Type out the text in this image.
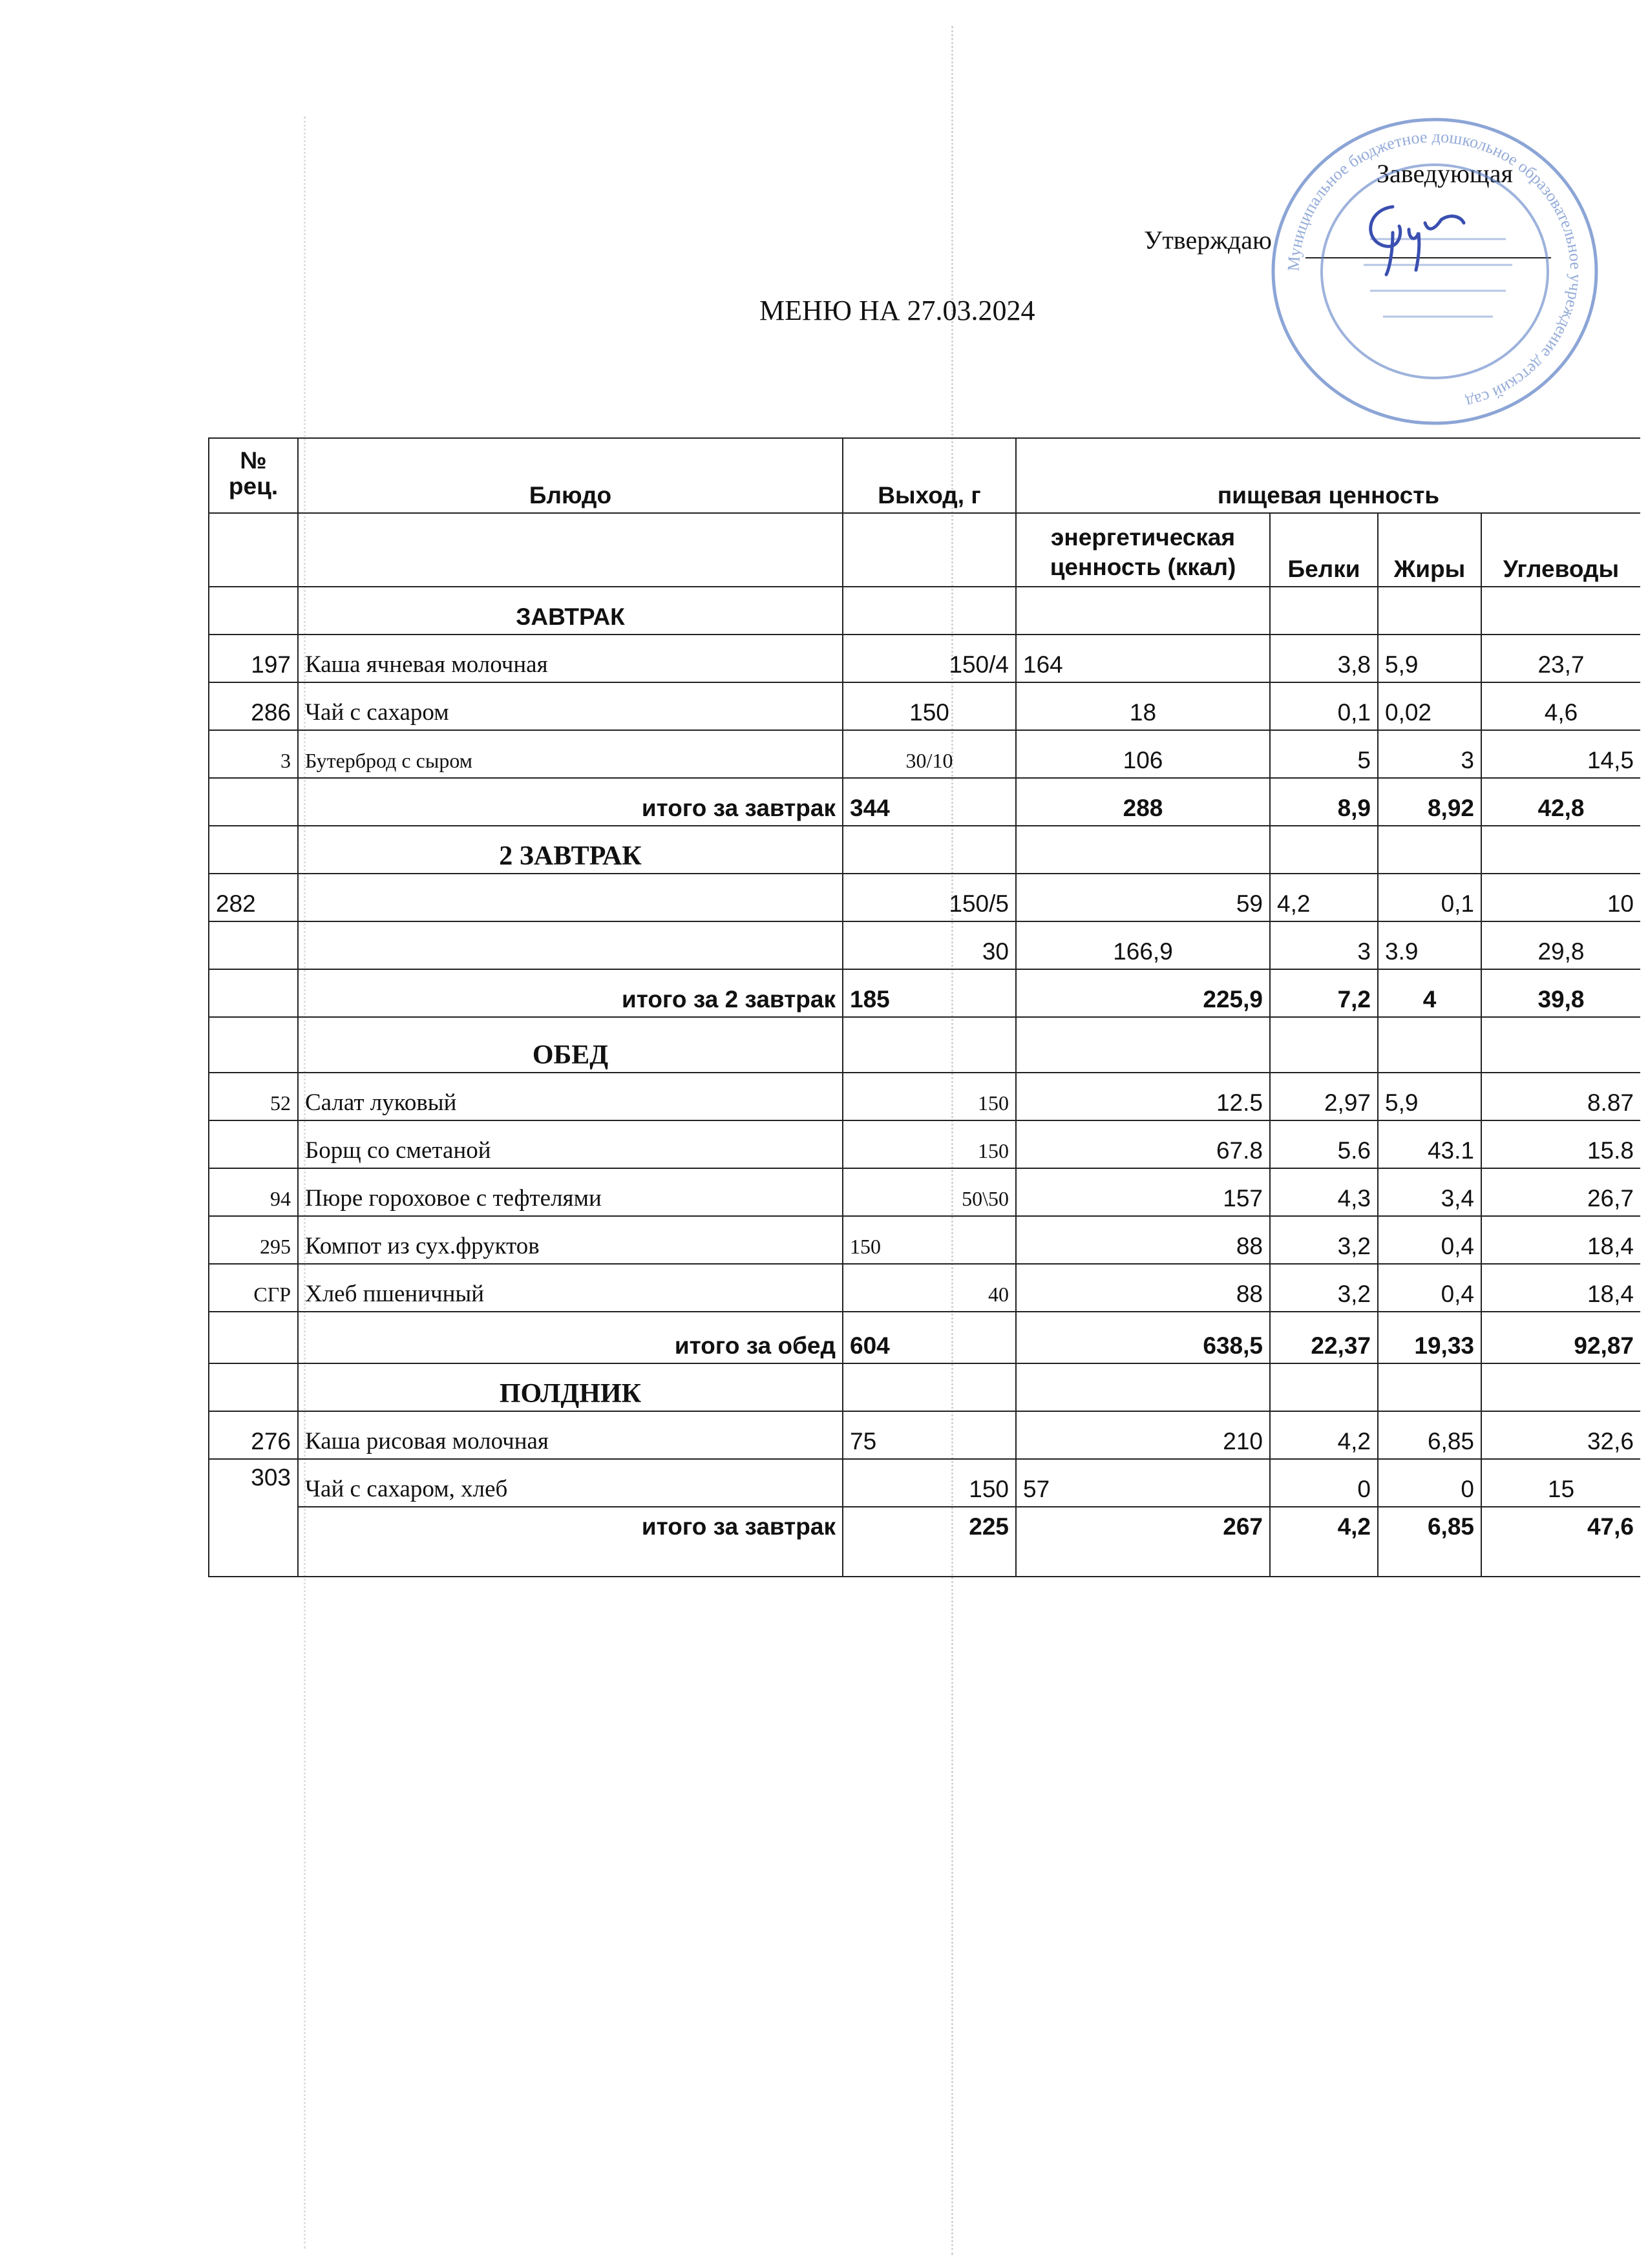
Заведующая
Утверждаю
Муниципальное бюджетное дошкольное образовательное учреждение детский сад
МЕНЮ НА 27.03.2024
№ рец.	Блюдо	Выход, г	пищевая ценность			
			энергетическая ценность (ккал)	Белки	Жиры	Углеводы
	ЗАВТРАК					
197	Каша ячневая молочная	150/4	164	3,8	5,9	23,7
286	Чай с сахаром	150	18	0,1	0,02	4,6
3	Бутерброд с сыром	30/10	106	5	3	14,5
	итого за завтрак	344	288	8,9	8,92	42,8
	2 ЗАВТРАК					
282		150/5	59	4,2	0,1	10
		30	166,9	3	3.9	29,8
	итого за 2 завтрак	185	225,9	7,2	4	39,8
	ОБЕД					
52	Салат луковый	150	12.5	2,97	5,9	8.87
	Борщ со сметаной	150	67.8	5.6	43.1	15.8
94	Пюре гороховое с тефтелями	50\50	157	4,3	3,4	26,7
295	Компот из сух.фруктов	150	88	3,2	0,4	18,4
СГР	Хлеб пшеничный	40	88	3,2	0,4	18,4
	итого за обед	604	638,5	22,37	19,33	92,87
	ПОЛДНИК					
276	Каша рисовая молочная	75	210	4,2	6,85	32,6
303	Чай с сахаром, хлеб	150	57	0	0	15
	итого за завтрак	225	267	4,2	6,85	47,6
